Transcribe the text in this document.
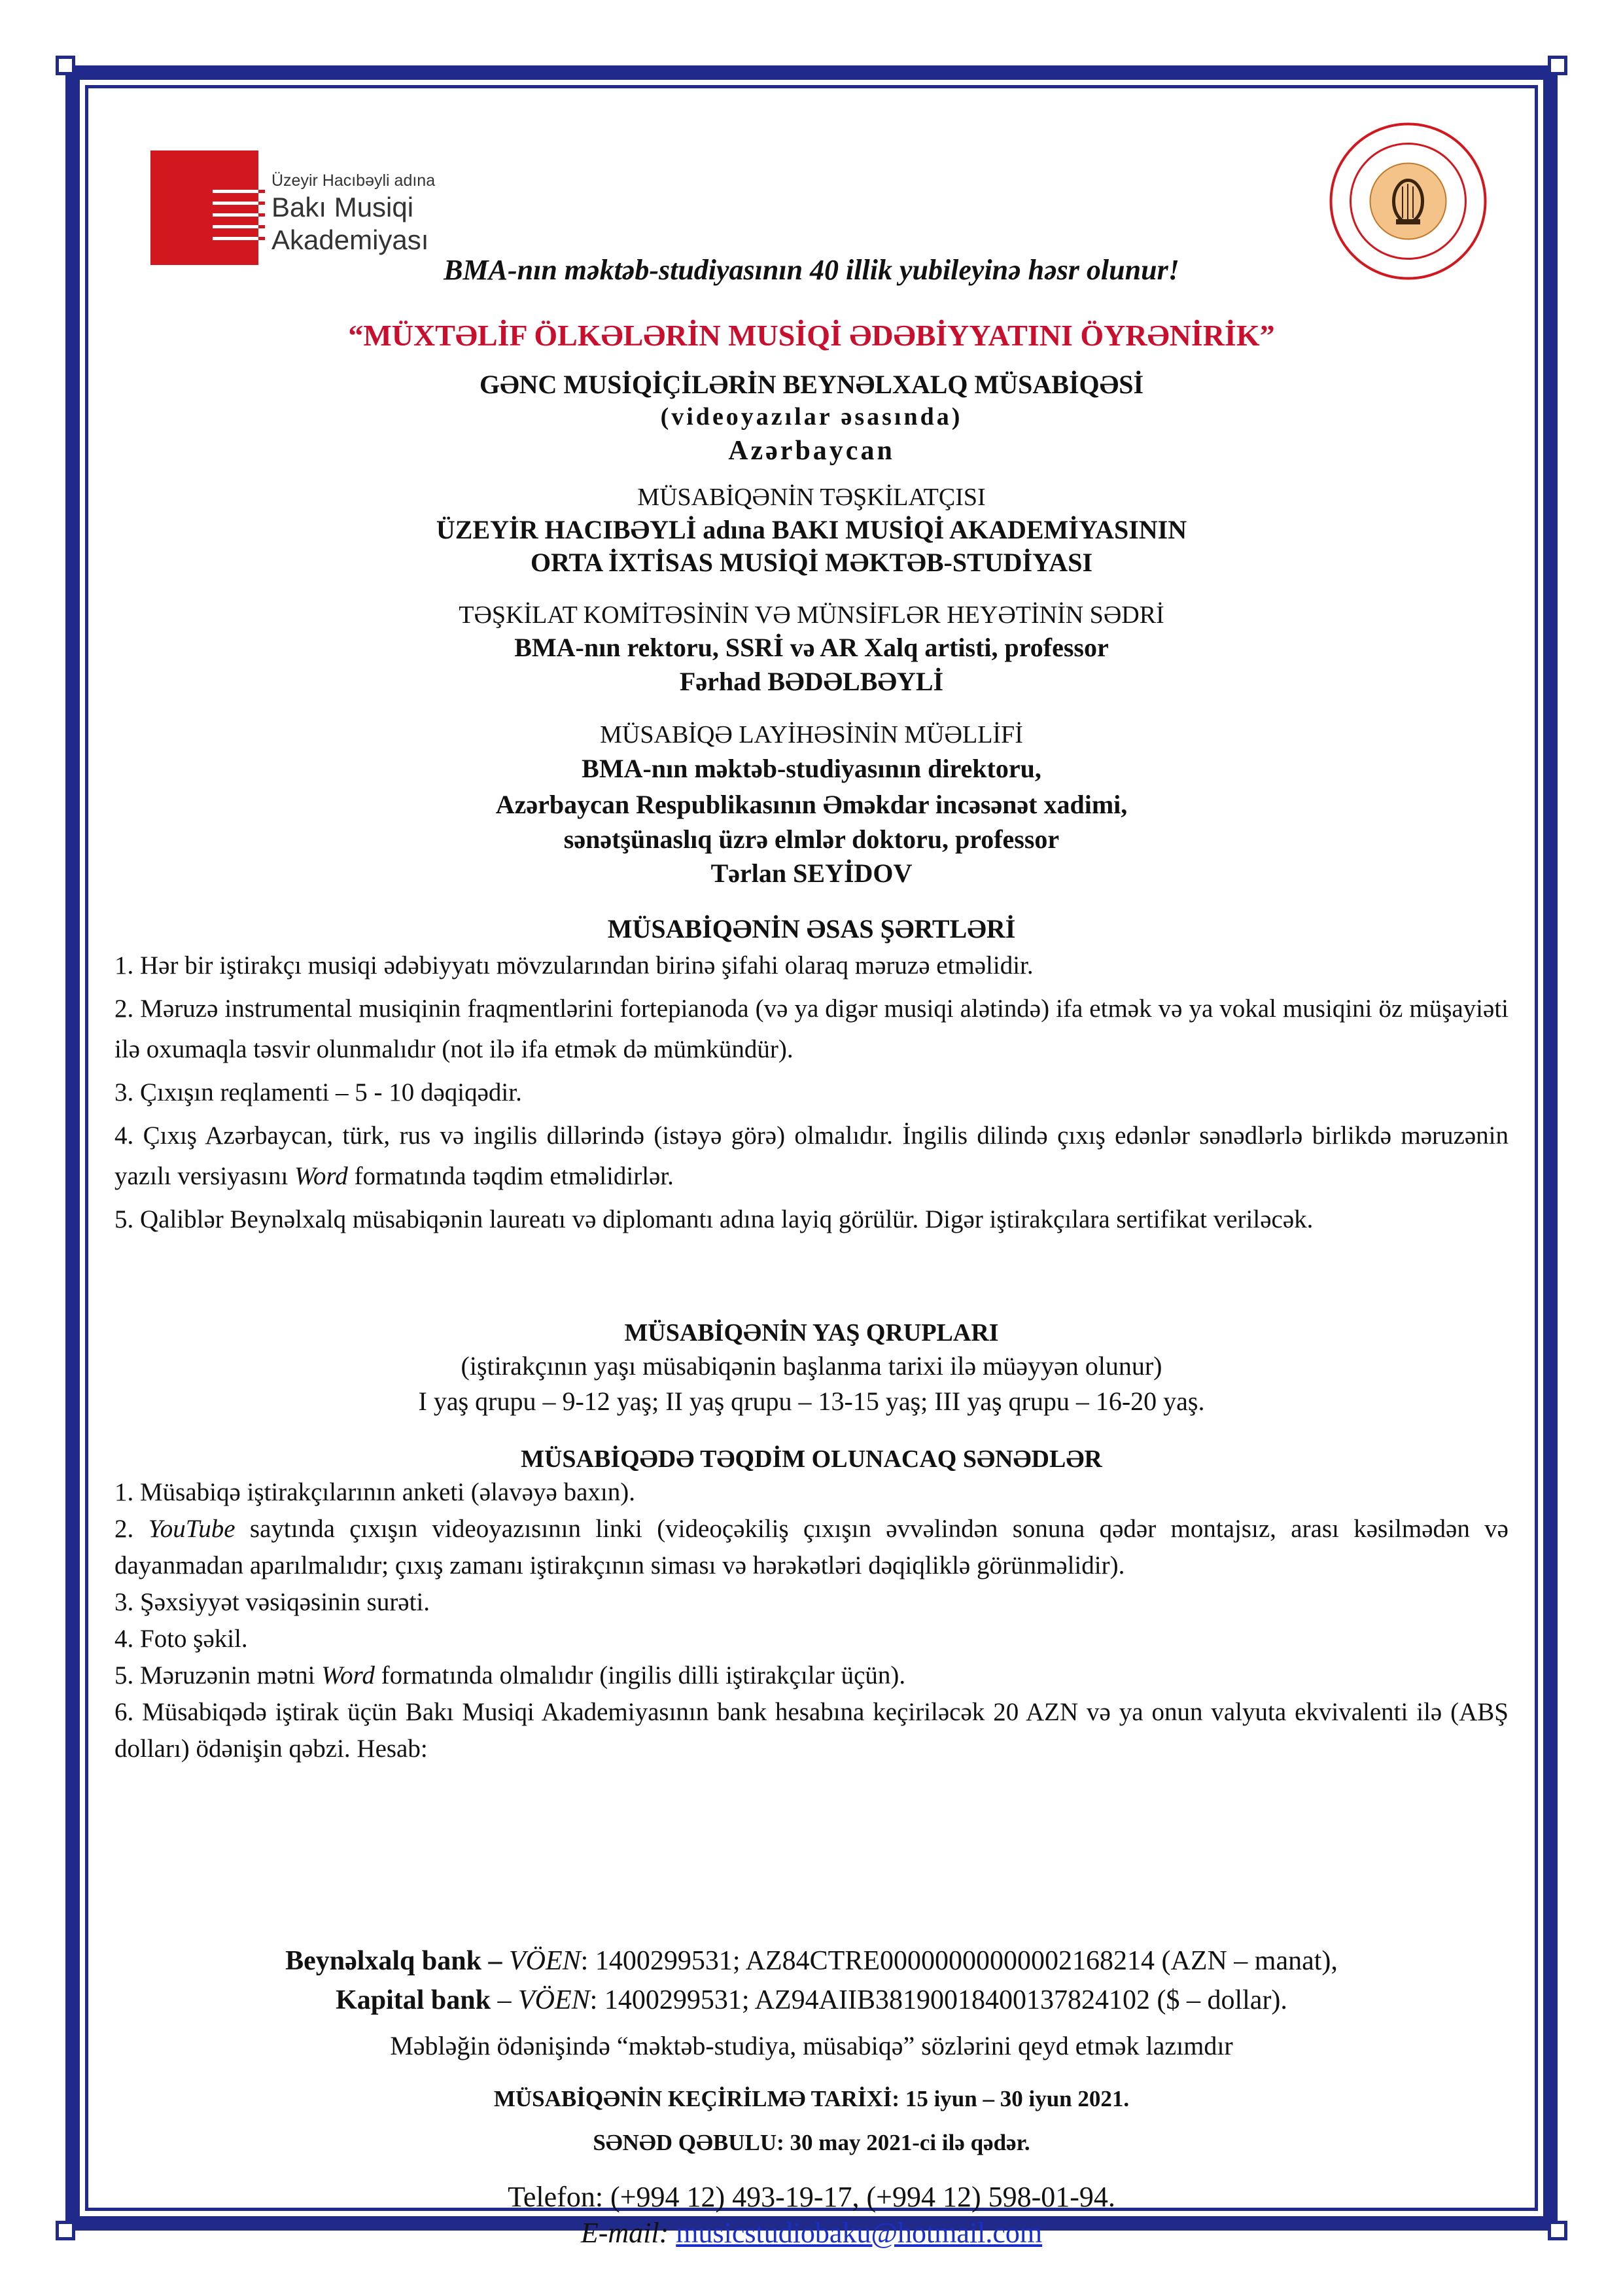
Üzeyir Hacıbəyli adına
Bakı Musiqi
Akademiyası
BMA-nın məktəb-studiyasının 40 illik yubileyinə həsr olunur!
“MÜXTƏLİF ÖLKƏLƏRİN MUSİQİ ƏDƏBİYYATINI ÖYRƏNİRİK”
GƏNC MUSİQİÇİLƏRİN BEYNƏLXALQ MÜSABİQƏSİ
(videoyazılar əsasında)
Azərbaycan
MÜSABİQƏNİN TƏŞKİLATÇISI
ÜZEYİR HACIBƏYLİ adına BAKI MUSİQİ AKADEMİYASININ
ORTA İXTİSAS MUSİQİ MƏKTƏB-STUDİYASI
TƏŞKİLAT KOMİTƏSİNİN VƏ MÜNSİFLƏR HEYƏTİNİN SƏDRİ
BMA-nın rektoru, SSRİ və AR Xalq artisti, professor
Fərhad BƏDƏLBƏYLİ
MÜSABİQƏ LAYİHƏSİNİN MÜƏLLİFİ
BMA-nın məktəb-studiyasının direktoru,
Azərbaycan Respublikasının Əməkdar incəsənət xadimi,
sənətşünaslıq üzrə elmlər doktoru, professor
Tərlan SEYİDOV
MÜSABİQƏNİN ƏSAS ŞƏRTLƏRİ

1. Hər bir iştirakçı musiqi ədəbiyyatı mövzularından birinə şifahi olaraq məruzə etməlidir.

2. Məruzə instrumental musiqinin fraqmentlərini fortepianoda (və ya digər musiqi alətində) ifa etmək və ya vokal musiqini öz müşayiəti ilə oxumaqla təsvir olunmalıdır (not ilə ifa etmək də mümkündür).

3. Çıxışın reqlamenti – 5 - 10 dəqiqədir.

4. Çıxış Azərbaycan, türk, rus və ingilis dillərində (istəyə görə) olmalıdır. İngilis dilində çıxış edənlər sənədlərlə birlikdə məruzənin yazılı versiyasını Word formatında təqdim etməlidirlər.

5. Qaliblər Beynəlxalq müsabiqənin laureatı və diplomantı adına layiq görülür. Digər iştirakçılara sertifikat veriləcək.

MÜSABİQƏNİN YAŞ QRUPLARI
(iştirakçının yaşı müsabiqənin başlanma tarixi ilə müəyyən olunur)
I yaş qrupu – 9-12 yaş; II yaş qrupu – 13-15 yaş; III yaş qrupu – 16-20 yaş.
MÜSABİQƏDƏ TƏQDİM OLUNACAQ SƏNƏDLƏR

1. Müsabiqə iştirakçılarının anketi (əlavəyə baxın).

2. YouTube saytında çıxışın videoyazısının linki (videoçəkiliş çıxışın əvvəlindən sonuna qədər montajsız, arası kəsilmədən və dayanmadan aparılmalıdır; çıxış zamanı iştirakçının siması və hərəkətləri dəqiqliklə görünməlidir).

3. Şəxsiyyət vəsiqəsinin surəti.

4. Foto şəkil.

5. Məruzənin mətni Word formatında olmalıdır (ingilis dilli iştirakçılar üçün).

6. Müsabiqədə iştirak üçün Bakı Musiqi Akademiyasının bank hesabına keçiriləcək 20 AZN və ya onun valyuta ekvivalenti ilə (ABŞ dolları) ödənişin qəbzi. Hesab:

Beynəlxalq bank – VÖEN: 1400299531; AZ84CTRE00000000000002168214 (AZN – manat),
Kapital bank – VÖEN: 1400299531; AZ94AIIB38190018400137824102 ($ – dollar).
Məbləğin ödənişində “məktəb-studiya, müsabiqə” sözlərini qeyd etmək lazımdır
MÜSABİQƏNİN KEÇİRİLMƏ TARİXİ: 15 iyun – 30 iyun 2021.
SƏNƏD QƏBULU: 30 may 2021-ci ilə qədər.
Telefon: (+994 12) 493-19-17, (+994 12) 598-01-94.
E-mail: musicstudiobaku@hotmail.com
